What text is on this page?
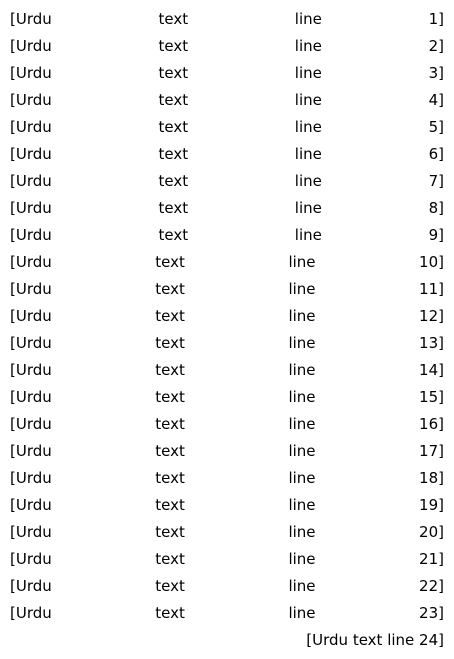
[Urdu text line 1]
[Urdu text line 2]
[Urdu text line 3]
[Urdu text line 4]
[Urdu text line 5]
[Urdu text line 6]
[Urdu text line 7]
[Urdu text line 8]
[Urdu text line 9]
[Urdu text line 10]
[Urdu text line 11]
[Urdu text line 12]
[Urdu text line 13]
[Urdu text line 14]
[Urdu text line 15]
[Urdu text line 16]
[Urdu text line 17]
[Urdu text line 18]
[Urdu text line 19]
[Urdu text line 20]
[Urdu text line 21]
[Urdu text line 22]
[Urdu text line 23]
[Urdu text line 24]
